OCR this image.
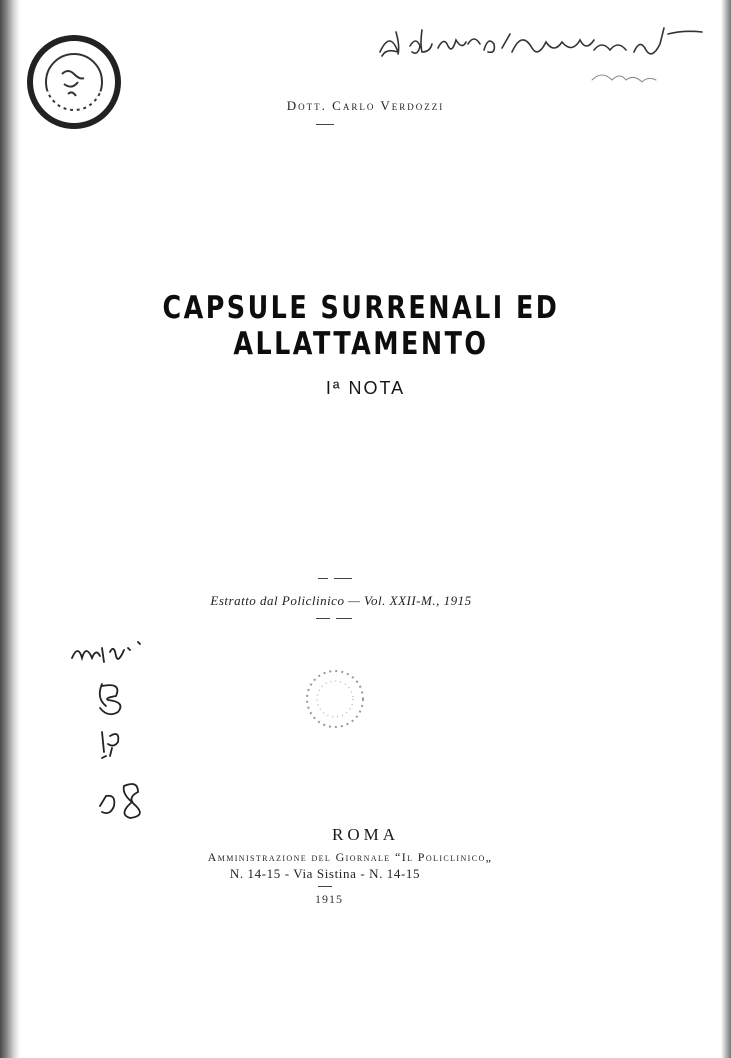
Dott. Carlo Verdozzi
CAPSULE SURRENALI ED ALLATTAMENTO
Iª NOTA
Estratto dal Policlinico — Vol. XXII-M., 1915
ROMA
Amministrazione del Giornale “Il Policlinico„
N. 14-15 - Via Sistina - N. 14-15
1915
